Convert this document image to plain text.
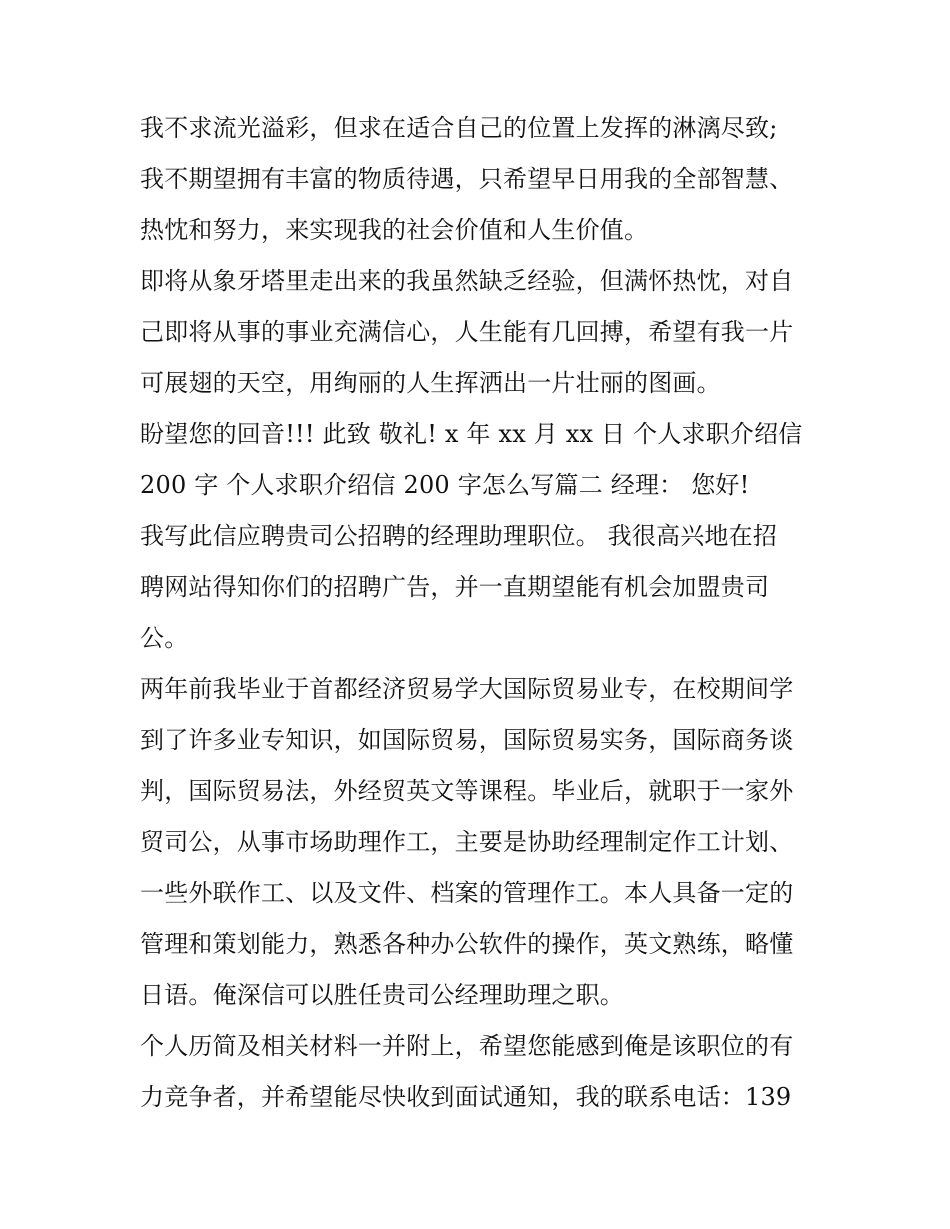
我不求流光溢彩，但求在适合自己的位置上发挥的淋漓尽致;
我不期望拥有丰富的物质待遇，只希望早日用我的全部智慧、
热忱和努力，来实现我的社会价值和人生价值。
即将从象牙塔里走出来的我虽然缺乏经验，但满怀热忱，对自
己即将从事的事业充满信心，人生能有几回搏，希望有我一片
可展翅的天空，用绚丽的人生挥洒出一片壮丽的图画。
盼望您的回音!!! 此致 敬礼! x 年 xx 月 xx 日 个人求职介绍信
200 字 个人求职介绍信 200 字怎么写篇二 经理： 您好!
我写此信应聘贵司公招聘的经理助理职位。 我很高兴地在招
聘网站得知你们的招聘广告，并一直期望能有机会加盟贵司
公。
两年前我毕业于首都经济贸易学大国际贸易业专，在校期间学
到了许多业专知识，如国际贸易，国际贸易实务，国际商务谈
判，国际贸易法，外经贸英文等课程。毕业后，就职于一家外
贸司公，从事市场助理作工，主要是协助经理制定作工计划、
一些外联作工、以及文件、档案的管理作工。本人具备一定的
管理和策划能力，熟悉各种办公软件的操作，英文熟练，略懂
日语。俺深信可以胜任贵司公经理助理之职。
个人历简及相关材料一并附上，希望您能感到俺是该职位的有
力竞争者，并希望能尽快收到面试通知，我的联系电话：139
